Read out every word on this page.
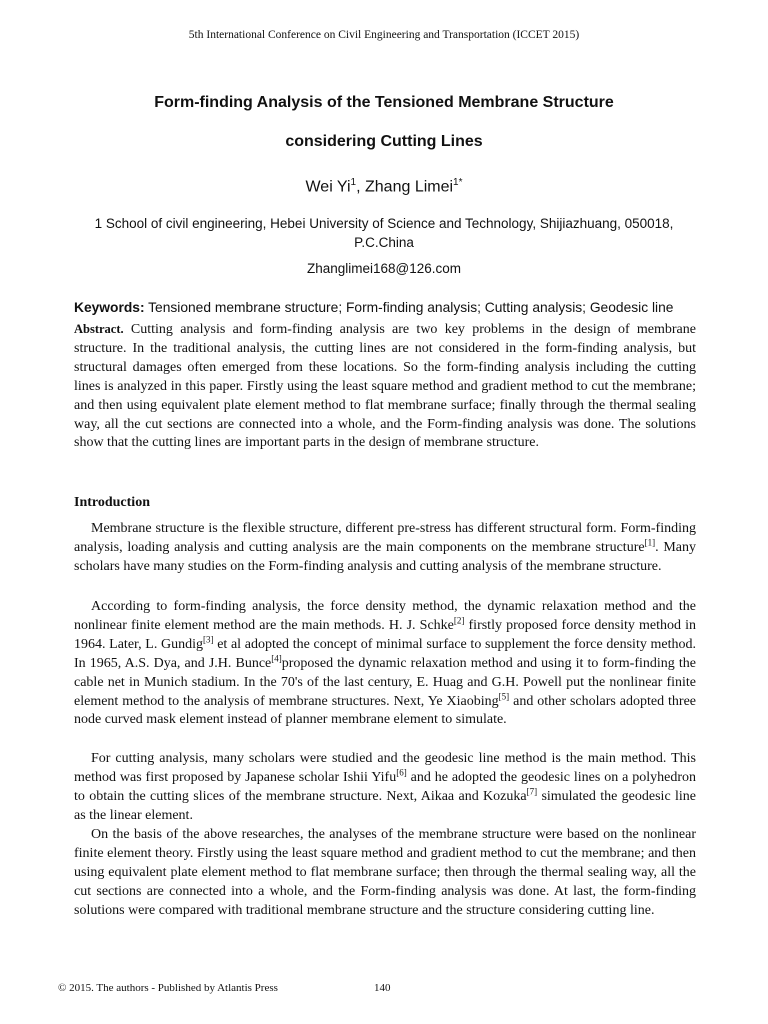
5th International Conference on Civil Engineering and Transportation (ICCET 2015)
Form-finding Analysis of the Tensioned Membrane Structure
considering Cutting Lines
Wei Yi$^1$, Zhang Limei$^{1*}$
1 School of civil engineering, Hebei University of Science and Technology, Shijiazhuang, 050018, P.C.China
Zhanglimei168@126.com
Keywords: Tensioned membrane structure; Form-finding analysis; Cutting analysis; Geodesic line
Abstract. Cutting analysis and form-finding analysis are two key problems in the design of membrane structure. In the traditional analysis, the cutting lines are not considered in the form-finding analysis, but structural damages often emerged from these locations. So the form-finding analysis including the cutting lines is analyzed in this paper. Firstly using the least square method and gradient method to cut the membrane; and then using equivalent plate element method to flat membrane surface; finally through the thermal sealing way, all the cut sections are connected into a whole, and the Form-finding analysis was done. The solutions show that the cutting lines are important parts in the design of membrane structure.
Introduction
Membrane structure is the flexible structure, different pre-stress has different structural form. Form-finding analysis, loading analysis and cutting analysis are the main components on the membrane structure[1]. Many scholars have many studies on the Form-finding analysis and cutting analysis of the membrane structure.
According to form-finding analysis, the force density method, the dynamic relaxation method and the nonlinear finite element method are the main methods. H. J. Schke[2] firstly proposed force density method in 1964. Later, L. Gundig[3] et al adopted the concept of minimal surface to supplement the force density method. In 1965, A.S. Dya, and J.H. Bunce[4]proposed the dynamic relaxation method and using it to form-finding the cable net in Munich stadium. In the 70's of the last century, E. Huag and G.H. Powell put the nonlinear finite element method to the analysis of membrane structures. Next, Ye Xiaobing[5] and other scholars adopted three node curved mask element instead of planner membrane element to simulate.
For cutting analysis, many scholars were studied and the geodesic line method is the main method. This method was first proposed by Japanese scholar Ishii Yifu[6] and he adopted the geodesic lines on a polyhedron to obtain the cutting slices of the membrane structure. Next, Aikaa and Kozuka[7] simulated the geodesic line as the linear element.
On the basis of the above researches, the analyses of the membrane structure were based on the nonlinear finite element theory. Firstly using the least square method and gradient method to cut the membrane; and then using equivalent plate element method to flat membrane surface; then through the thermal sealing way, all the cut sections are connected into a whole, and the Form-finding analysis was done. At last, the form-finding solutions were compared with traditional membrane structure and the structure considering cutting line.
© 2015. The authors - Published by Atlantis Press	140
